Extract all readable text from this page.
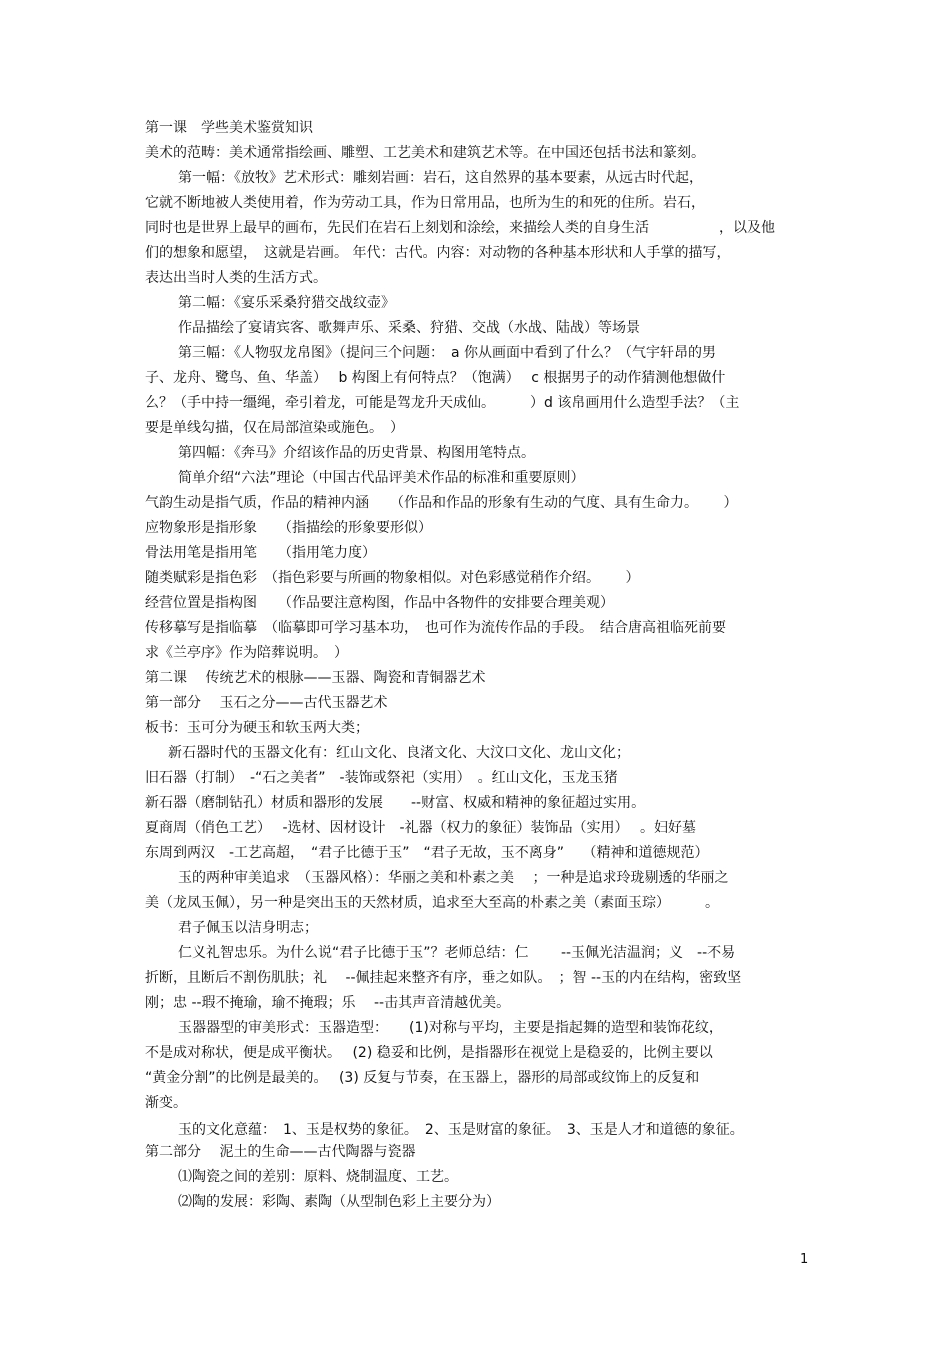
第一课　学些美术鉴赏知识
美术的范畴：美术通常指绘画、雕塑、工艺美术和建筑艺术等。在中国还包括书法和篆刻。
第一幅：《放牧》艺术形式：雕刻岩画：岩石，这自然界的基本要素，从远古时代起，
它就不断地被人类使用着，作为劳动工具，作为日常用品，也所为生的和死的住所。岩石，
同时也是世界上最早的画布，先民们在岩石上刻划和涂绘，来描绘人类的自身生活　　　　　，以及他
们的想象和愿望，　这就是岩画。 年代：古代。内容：对动物的各种基本形状和人手掌的描写，
表达出当时人类的生活方式。
第二幅：《宴乐采桑狩猎交战纹壶》
作品描绘了宴请宾客、歌舞声乐、采桑、狩猎、交战（水战、陆战）等场景
第三幅：《人物驭龙帛图》（提问三个问题：　a 你从画面中看到了什么？（气宇轩昂的男
子、龙舟、鹭鸟、鱼、华盖）　 b 构图上有何特点？（饱满）　 c 根据男子的动作猜测他想做什
么？（手中持一缰绳，牵引着龙，可能是驾龙升天成仙。　　　）d 该帛画用什么造型手法？（主
要是单线勾描，仅在局部渲染或施色。　）
第四幅：《奔马》介绍该作品的历史背景、构图用笔特点。
简单介绍“六法”理论（中国古代品评美术作品的标准和重要原则）
气韵生动是指气质，作品的精神内涵　　（作品和作品的形象有生动的气度、具有生命力。　　 ）
应物象形是指形象　　（指描绘的形象要形似）
骨法用笔是指用笔　　（指用笔力度）
随类赋彩是指色彩　（指色彩要与所画的物象相似。对色彩感觉稍作介绍。　　 ）
经营位置是指构图　　（作品要注意构图，作品中各物件的安排要合理美观）
传移摹写是指临摹　（临摹即可学习基本功，　也可作为流传作品的手段。　结合唐高祖临死前要
求《兰亭序》作为陪葬说明。　）
第二课　 传统艺术的根脉——玉器、陶瓷和青铜器艺术
第一部分　 玉石之分——古代玉器艺术
板书：玉可分为硬玉和软玉两大类；
新石器时代的玉器文化有：红山文化、良渚文化、大汶口文化、龙山文化；
旧石器（打制）　-“石之美者”　-装饰或祭祀（实用）　。红山文化，玉龙玉猪
新石器（磨制钻孔）材质和器形的发展　　--财富、权威和精神的象征超过实用。
夏商周（俏色工艺）　 -选材、因材设计　-礼器（权力的象征）装饰品（实用）　 。妇好墓
东周到两汉　-工艺高超，　“君子比德于玉”　“君子无故，玉不离身”　 （精神和道德规范）
玉的两种审美追求　（玉器风格）：华丽之美和朴素之美　 ；一种是追求玲珑剔透的华丽之
美（龙凤玉佩），另一种是突出玉的天然材质，追求至大至高的朴素之美（素面玉琮）　　　。
君子佩玉以洁身明志；
仁义礼智忠乐。为什么说“君子比德于玉”？老师总结：仁　　 --玉佩光洁温润；义　--不易
折断，且断后不割伤肌肤；礼　 --佩挂起来整齐有序，垂之如队。　；智 --玉的内在结构，密致坚
刚；忠 --瑕不掩瑜，瑜不掩瑕；乐　 --击其声音清越优美。
玉器器型的审美形式：玉器造型：　　(1)对称与平均，主要是指起舞的造型和装饰花纹，
不是成对称状，便是成平衡状。　 (2) 稳妥和比例，是指器形在视觉上是稳妥的，比例主要以
“黄金分割”的比例是最美的。　 (3) 反复与节奏，在玉器上，器形的局部或纹饰上的反复和
渐变。
玉的文化意蕴：　1、玉是权势的象征。　2、玉是财富的象征。　3、玉是人才和道德的象征。
第二部分　 泥土的生命——古代陶器与瓷器
⑴陶瓷之间的差别：原料、烧制温度、工艺。
⑵陶的发展：彩陶、素陶（从型制色彩上主要分为）
1
